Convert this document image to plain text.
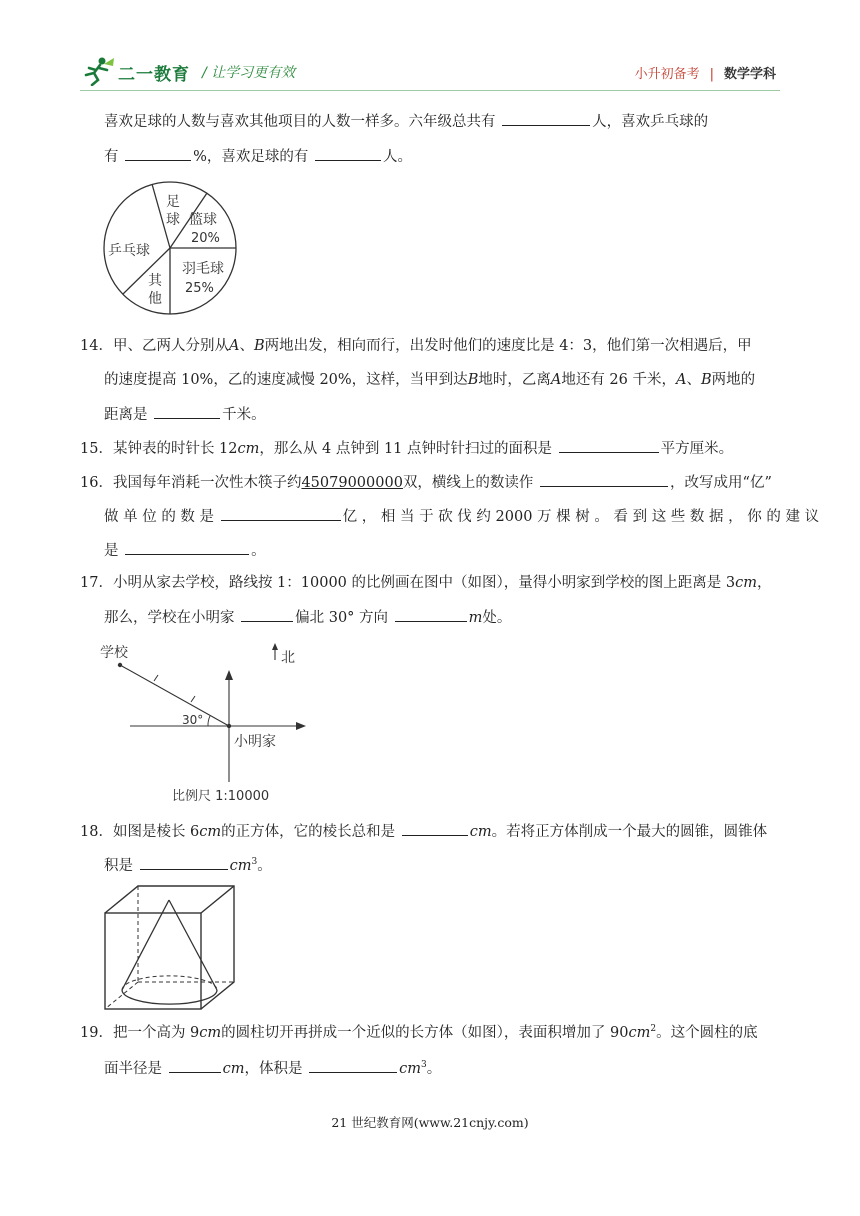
二一教育 / 让学习更有效	小升初备考 | 数学学科
喜欢足球的人数与喜欢其他项目的人数一样多。六年级总共有	人，喜欢乒乓球的
有	%，喜欢足球的有	人。
足
球 篮球
20%
乒乓球
羽毛球
25%
其
他
14．甲、乙两人分别从A、B两地出发，相向而行，出发时他们的速度比是 4：3，他们第一次相遇后，甲
的速度提高 10%，乙的速度减慢 20%，这样，当甲到达B地时，乙离A地还有 26 千米，A、B两地的
距离是	千米。
15．某钟表的时针长 12cm，那么从 4 点钟到 11 点钟时针扫过的面积是	平方厘米。
16．我国每年消耗一次性木筷子约45079000000双，横线上的数读作	，改写成用“亿”
做 单 位 的 数 是	亿 ， 相 当 于 砍 伐 约 2000 万 棵 树 。 看 到 这 些 数 据 ， 你 的 建 议
是	。
17．小明从家去学校，路线按 1：10000 的比例画在图中（如图），量得小明家到学校的图上距离是 3cm，
那么，学校在小明家	偏北 30° 方向	m处。
学校	北
30°
小明家
比例尺 1:10000
18．如图是棱长 6cm的正方体，它的棱长总和是	cm。若将正方体削成一个最大的圆锥，圆锥体
积是	$cm^3$。
19．把一个高为 9cm的圆柱切开再拼成一个近似的长方体（如图），表面积增加了 $90cm^2$。这个圆柱的底
面半径是	cm，体积是	$cm^3$。
21 世纪教育网(www.21cnjy.com)
